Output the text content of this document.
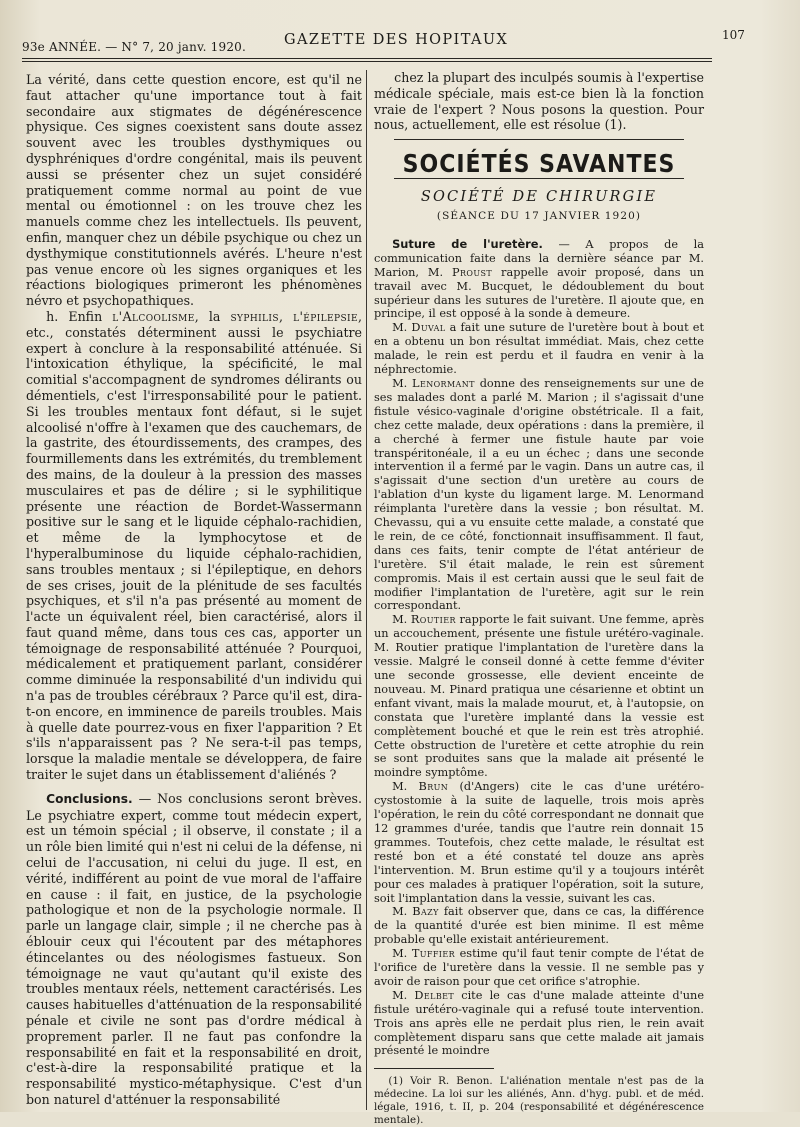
93e ANNÉE. — N° 7, 20 janv. 1920.	GAZETTE DES HOPITAUX	107

La vérité, dans cette question encore, est qu'il ne faut attacher qu'une importance tout à fait secondaire aux stigmates de dégénérescence physique. Ces signes coexistent sans doute assez souvent avec les troubles dysthymiques ou dysphréniques d'ordre congénital, mais ils peuvent aussi se présenter chez un sujet considéré pratiquement comme normal au point de vue mental ou émotionnel : on les trouve chez les manuels comme chez les intellectuels. Ils peuvent, enfin, manquer chez un débile psychique ou chez un dysthymique constitutionnels avérés. L'heure n'est pas venue encore où les signes organiques et les réactions biologiques primeront les phénomènes névro et psychopathiques.

h. Enfin l'Alcoolisme, la syphilis, l'épilepsie, etc., constatés déterminent aussi le psychiatre expert à conclure à la responsabilité atténuée. Si l'intoxication éthylique, la spécificité, le mal comitial s'accompagnent de syndromes délirants ou démentiels, c'est l'irresponsabilité pour le patient. Si les troubles mentaux font défaut, si le sujet alcoolisé n'offre à l'examen que des cauchemars, de la gastrite, des étourdissements, des crampes, des fourmillements dans les extrémités, du tremblement des mains, de la douleur à la pression des masses musculaires et pas de délire ; si le syphilitique présente une réaction de Bordet-Wassermann positive sur le sang et le liquide céphalo-rachidien, et même de la lymphocytose et de l'hyperalbuminose du liquide céphalo-rachidien, sans troubles mentaux ; si l'épileptique, en dehors de ses crises, jouit de la plénitude de ses facultés psychiques, et s'il n'a pas présenté au moment de l'acte un équivalent réel, bien caractérisé, alors il faut quand même, dans tous ces cas, apporter un témoignage de responsabilité atténuée ? Pourquoi, médicalement et pratiquement parlant, considérer comme diminuée la responsabilité d'un individu qui n'a pas de troubles cérébraux ? Parce qu'il est, dira-t-on encore, en imminence de pareils troubles. Mais à quelle date pourrez-vous en fixer l'apparition ? Et s'ils n'apparaissent pas ? Ne sera-t-il pas temps, lorsque la maladie mentale se développera, de faire traiter le sujet dans un établissement d'aliénés ?

Conclusions. — Nos conclusions seront brèves. Le psychiatre expert, comme tout médecin expert, est un témoin spécial ; il observe, il constate ; il a un rôle bien limité qui n'est ni celui de la défense, ni celui de l'accusation, ni celui du juge. Il est, en vérité, indifférent au point de vue moral de l'affaire en cause : il fait, en justice, de la psychologie pathologique et non de la psychologie normale. Il parle un langage clair, simple ; il ne cherche pas à éblouir ceux qui l'écoutent par des métaphores étincelantes ou des néologismes fastueux. Son témoignage ne vaut qu'autant qu'il existe des troubles mentaux réels, nettement caractérisés. Les causes habituelles d'atténuation de la responsabilité pénale et civile ne sont pas d'ordre médical à proprement parler. Il ne faut pas confondre la responsabilité en fait et la responsabilité en droit, c'est-à-dire la responsabilité pratique et la responsabilité mystico-métaphysique. C'est d'un bon naturel d'atténuer la responsabilité

chez la plupart des inculpés soumis à l'expertise médicale spéciale, mais est-ce bien là la fonction vraie de l'expert ? Nous posons la question. Pour nous, actuellement, elle est résolue (1).

SOCIÉTÉS SAVANTES
SOCIÉTÉ DE CHIRURGIE
(SÉANCE DU 17 JANVIER 1920)

Suture de l'uretère. — A propos de la communication faite dans la dernière séance par M. Marion, M. Proust rappelle avoir proposé, dans un travail avec M. Bucquet, le dédoublement du bout supérieur dans les sutures de l'uretère. Il ajoute que, en principe, il est opposé à la sonde à demeure.

M. Duval a fait une suture de l'uretère bout à bout et en a obtenu un bon résultat immédiat. Mais, chez cette malade, le rein est perdu et il faudra en venir à la néphrectomie.

M. Lenormant donne des renseignements sur une de ses malades dont a parlé M. Marion ; il s'agissait d'une fistule vésico-vaginale d'origine obstétricale. Il a fait, chez cette malade, deux opérations : dans la première, il a cherché à fermer une fistule haute par voie transpéritonéale, il a eu un échec ; dans une seconde intervention il a fermé par le vagin. Dans un autre cas, il s'agissait d'une section d'un uretère au cours de l'ablation d'un kyste du ligament large. M. Lenormand réimplanta l'uretère dans la vessie ; bon résultat. M. Chevassu, qui a vu ensuite cette malade, a constaté que le rein, de ce côté, fonctionnait insuffisamment. Il faut, dans ces faits, tenir compte de l'état antérieur de l'uretère. S'il était malade, le rein est sûrement compromis. Mais il est certain aussi que le seul fait de modifier l'implantation de l'uretère, agit sur le rein correspondant.

M. Routier rapporte le fait suivant. Une femme, après un accouchement, présente une fistule urétéro-vaginale. M. Routier pratique l'implantation de l'uretère dans la vessie. Malgré le conseil donné à cette femme d'éviter une seconde grossesse, elle devient enceinte de nouveau. M. Pinard pratiqua une césarienne et obtint un enfant vivant, mais la malade mourut, et, à l'autopsie, on constata que l'uretère implanté dans la vessie est complètement bouché et que le rein est très atrophié. Cette obstruction de l'uretère et cette atrophie du rein se sont produites sans que la malade ait présenté le moindre symptôme.

M. Brun (d'Angers) cite le cas d'une urétéro-cystostomie à la suite de laquelle, trois mois après l'opération, le rein du côté correspondant ne donnait que 12 grammes d'urée, tandis que l'autre rein donnait 15 grammes. Toutefois, chez cette malade, le résultat est resté bon et a été constaté tel douze ans après l'intervention. M. Brun estime qu'il y a toujours intérêt pour ces malades à pratiquer l'opération, soit la suture, soit l'implantation dans la vessie, suivant les cas.

M. Bazy fait observer que, dans ce cas, la différence de la quantité d'urée est bien minime. Il est même probable qu'elle existait antérieurement.

M. Tuffier estime qu'il faut tenir compte de l'état de l'orifice de l'uretère dans la vessie. Il ne semble pas y avoir de raison pour que cet orifice s'atrophie.

M. Delbet cite le cas d'une malade atteinte d'une fistule urétéro-vaginale qui a refusé toute intervention. Trois ans après elle ne perdait plus rien, le rein avait complètement disparu sans que cette malade ait jamais présenté le moindre

(1) Voir R. Benon. L'aliénation mentale n'est pas de la médecine. La loi sur les aliénés, Ann. d'hyg. publ. et de méd. légale, 1916, t. II, p. 204 (responsabilité et dégénérescence mentale).
